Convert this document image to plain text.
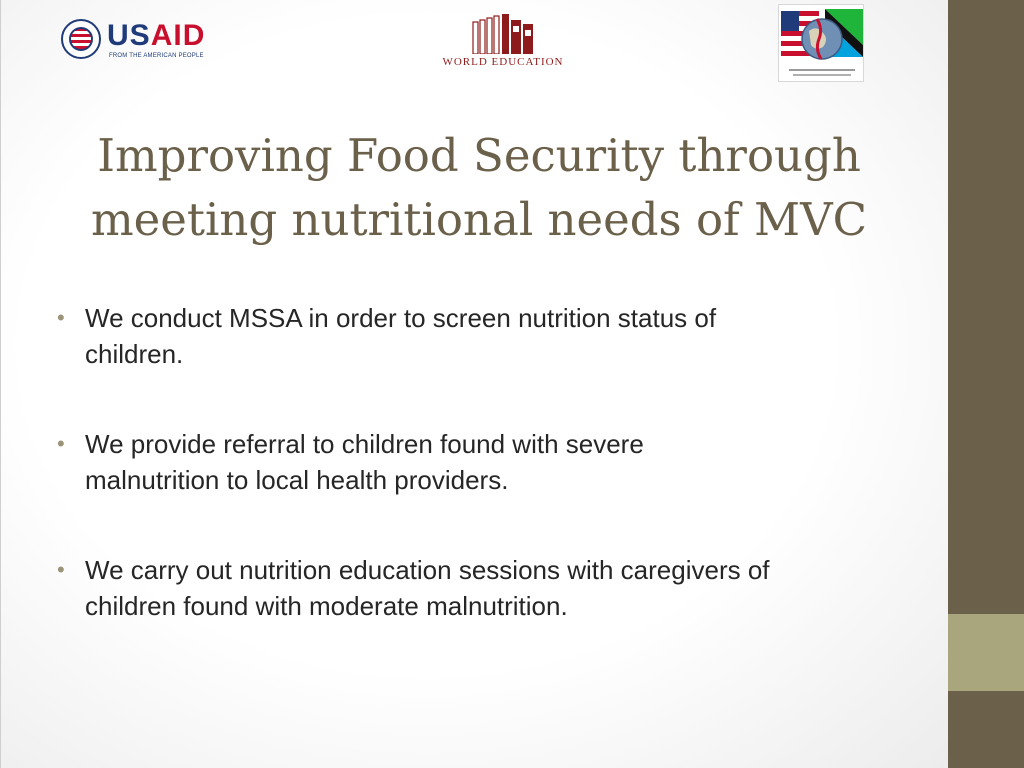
USAID
FROM THE AMERICAN PEOPLE	WORLD EDUCATION
Improving Food Security through
meeting nutritional needs of MVC
• We conduct MSSA in order to screen nutrition status of
children.
• We provide referral to children found with severe
malnutrition to local health providers.
• We carry out nutrition education sessions with caregivers of
children found with moderate malnutrition.
